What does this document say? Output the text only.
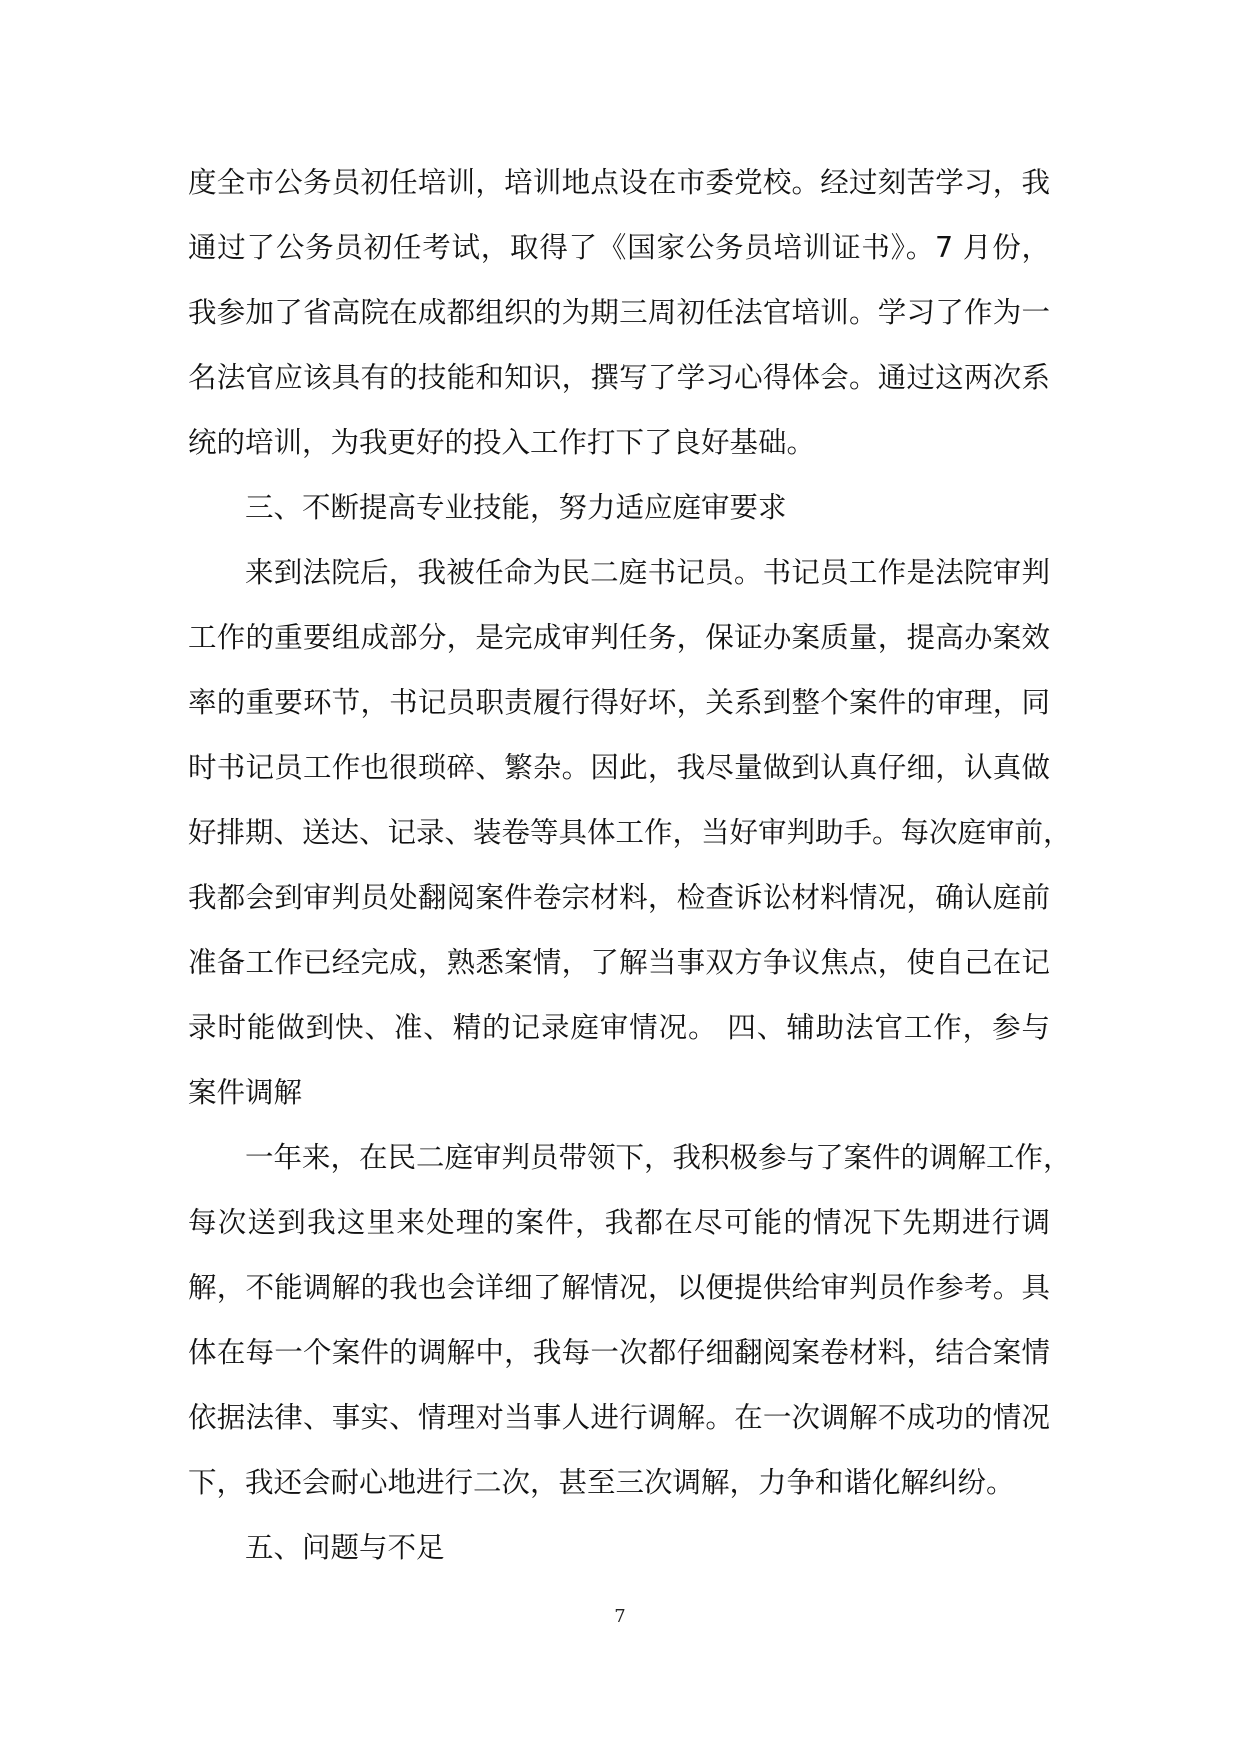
度全市公务员初任培训，培训地点设在市委党校。经过刻苦学习，我
通过了公务员初任考试，取得了《国家公务员培训证书》。7 月份，
我参加了省高院在成都组织的为期三周初任法官培训。学习了作为一
名法官应该具有的技能和知识，撰写了学习心得体会。通过这两次系
统的培训，为我更好的投入工作打下了良好基础。
三、不断提高专业技能，努力适应庭审要求
来到法院后，我被任命为民二庭书记员。书记员工作是法院审判
工作的重要组成部分，是完成审判任务，保证办案质量，提高办案效
率的重要环节，书记员职责履行得好坏，关系到整个案件的审理，同
时书记员工作也很琐碎、繁杂。因此，我尽量做到认真仔细，认真做
好排期、送达、记录、装卷等具体工作，当好审判助手。每次庭审前，
我都会到审判员处翻阅案件卷宗材料，检查诉讼材料情况，确认庭前
准备工作已经完成，熟悉案情，了解当事双方争议焦点，使自己在记
录时能做到快、准、精的记录庭审情况。 四、辅助法官工作，参与
案件调解
一年来，在民二庭审判员带领下，我积极参与了案件的调解工作，
每次送到我这里来处理的案件，我都在尽可能的情况下先期进行调
解，不能调解的我也会详细了解情况，以便提供给审判员作参考。具
体在每一个案件的调解中，我每一次都仔细翻阅案卷材料，结合案情
依据法律、事实、情理对当事人进行调解。在一次调解不成功的情况
下，我还会耐心地进行二次，甚至三次调解，力争和谐化解纠纷。
五、问题与不足
7
